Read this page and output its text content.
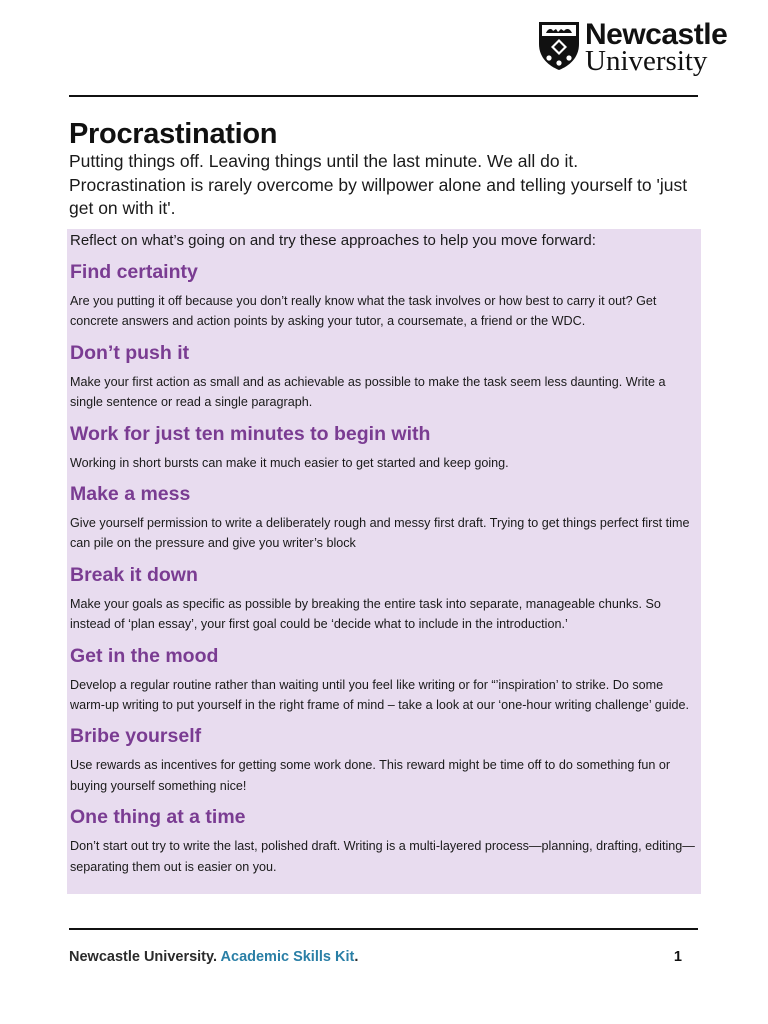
Newcastle
University
Procrastination

Putting things off. Leaving things until the last minute. We all do it. Procrastination is rarely overcome by willpower alone and telling yourself to 'just get on with it'.

Reflect on what’s going on and try these approaches to help you move forward:

Find certainty

Are you putting it off because you don’t really know what the task involves or how best to carry it out? Get concrete answers and action points by asking your tutor, a coursemate, a friend or the WDC.

Don’t push it

Make your first action as small and as achievable as possible to make the task seem less daunting. Write a single sentence or read a single paragraph.

Work for just ten minutes to begin with

Working in short bursts can make it much easier to get started and keep going.

Make a mess

Give yourself permission to write a deliberately rough and messy first draft. Trying to get things perfect first time can pile on the pressure and give you writer’s block

Break it down

Make your goals as specific as possible by breaking the entire task into separate, manageable chunks. So instead of ‘plan essay’, your first goal could be ‘decide what to include in the introduction.’

Get in the mood

Develop a regular routine rather than waiting until you feel like writing or for “’inspiration’ to strike. Do some warm-up writing to put yourself in the right frame of mind – take a look at our ‘one-hour writing challenge’ guide.

Bribe yourself

Use rewards as incentives for getting some work done. This reward might be time off to do something fun or buying yourself something nice!

One thing at a time

Don’t start out try to write the last, polished draft. Writing is a multi-layered process—planning, drafting, editing—separating them out is easier on you.

Newcastle University. Academic Skills Kit.	1
